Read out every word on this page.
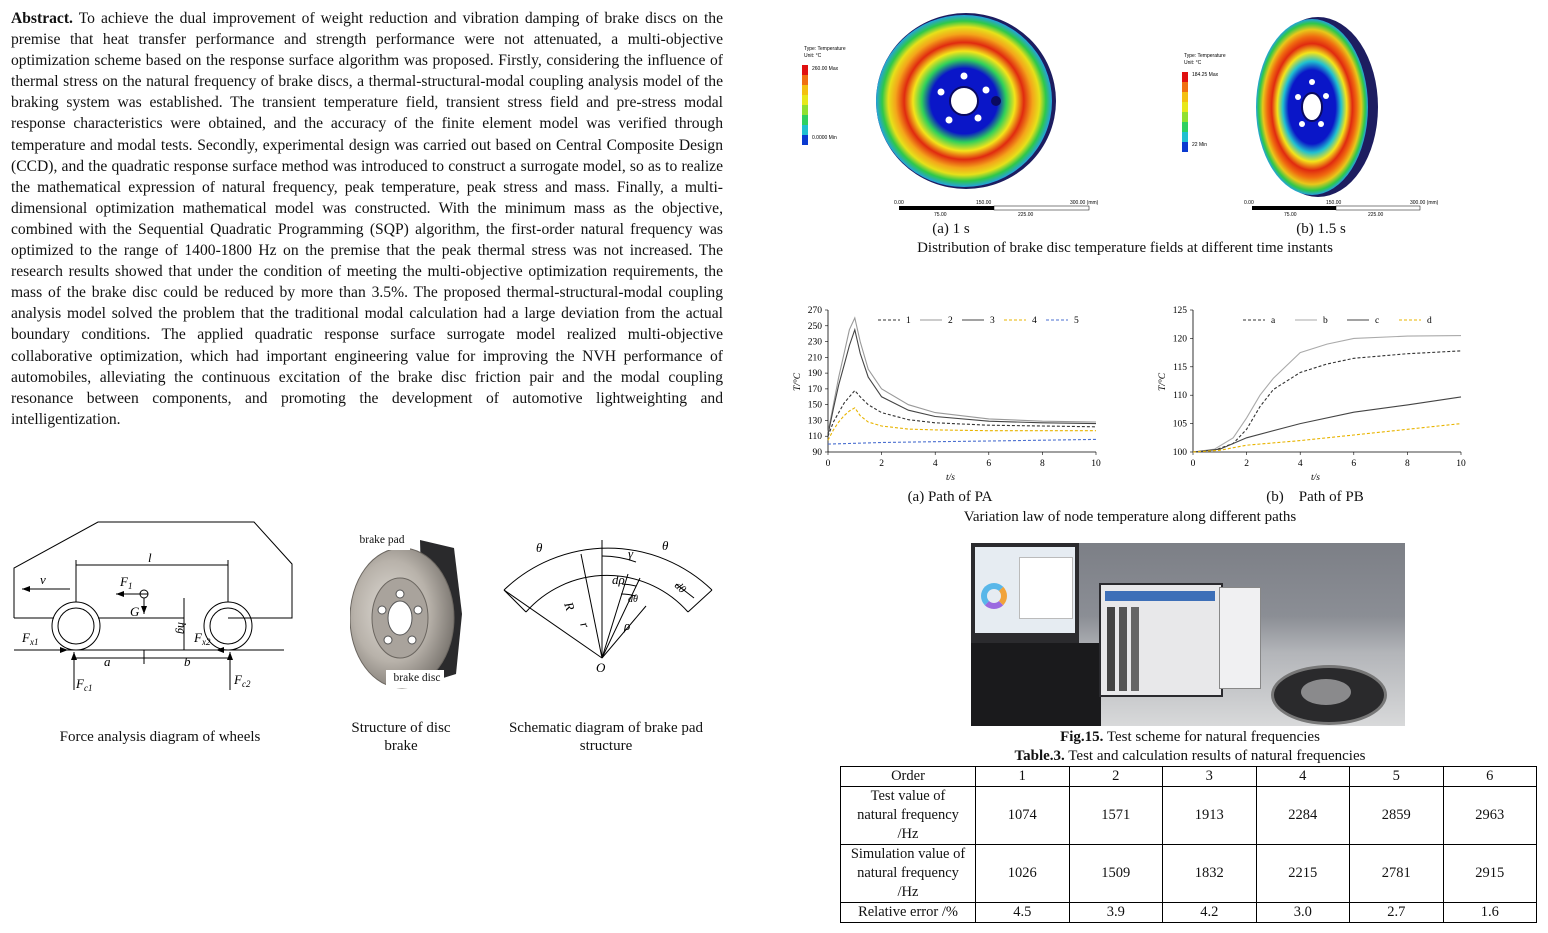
Abstract. To achieve the dual improvement of weight reduction and vibration damping of brake discs on the premise that heat transfer performance and strength performance were not attenuated, a multi-objective optimization scheme based on the response surface algorithm was proposed. Firstly, considering the influence of thermal stress on the natural frequency of brake discs, a thermal-structural-modal coupling analysis model of the braking system was established. The transient temperature field, transient stress field and pre-stress modal response characteristics were obtained, and the accuracy of the finite element model was verified through temperature and modal tests. Secondly, experimental design was carried out based on Central Composite Design (CCD), and the quadratic response surface method was introduced to construct a surrogate model, so as to realize the mathematical expression of natural frequency, peak temperature, peak stress and mass. Finally, a multi-dimensional optimization mathematical model was constructed. With the minimum mass as the objective, combined with the Sequential Quadratic Programming (SQP) algorithm, the first-order natural frequency was optimized to the range of 1400-1800 Hz on the premise that the peak thermal stress was not increased. The research results showed that under the condition of meeting the multi-objective optimization requirements, the mass of the brake disc could be reduced by more than 3.5%. The proposed thermal-structural-modal coupling analysis model solved the problem that the traditional modal calculation had a large deviation from the actual boundary conditions. The applied quadratic response surface surrogate model realized multi-objective collaborative optimization, which had important engineering value for improving the NVH performance of automobiles, alleviating the continuous excitation of the brake disc friction pair and the modal coupling resonance between components, and promoting the development of automotive lightweighting and intelligentization.
Type: Temperature
Unit: °C
260.00 Max
0.0000 Min
0.00	150.00	300.00 (mm)
75.00	225.00
(a) 1 s
Type: Temperature
Unit: °C
184.25 Max
22 Min
0.00	150.00	300.00 (mm)
75.00	225.00
(b) 1.5 s
Distribution of brake disc temperature fields at different time instants
0	2	4	6	8	10
90
110
130
150
170
190
210
230
250
270
t/s
T/°C
1	2	3	4	5
0	2	4	6	8	10
100
105
110
115
120
125
t/s
T/°C
a	b	c	d
(a) Path of PA	(b)    Path of PB
Variation law of node temperature along different paths
l
v	$F_1$
G
hg
$F_{x1}$	$F_{x2}$
a	b
$F_{c1}$
$F_{c2}$
Force analysis diagram of wheels
brake pad
brake disc
Structure of disc
brake
θ	θ
γ
dρ
dθ
dθ
R
r ρ
O
Schematic diagram of brake pad
structure
Fig.15. Test scheme for natural frequencies
Table.3. Test and calculation results of natural frequencies
Order	1	2	3	4	5	6

Test value of
natural frequency
/Hz	1074	1571	1913	2284	2859	2963

Simulation value of
natural frequency
/Hz	1026	1509	1832	2215	2781	2915
Relative error /%	4.5	3.9	4.2	3.0	2.7	1.6
